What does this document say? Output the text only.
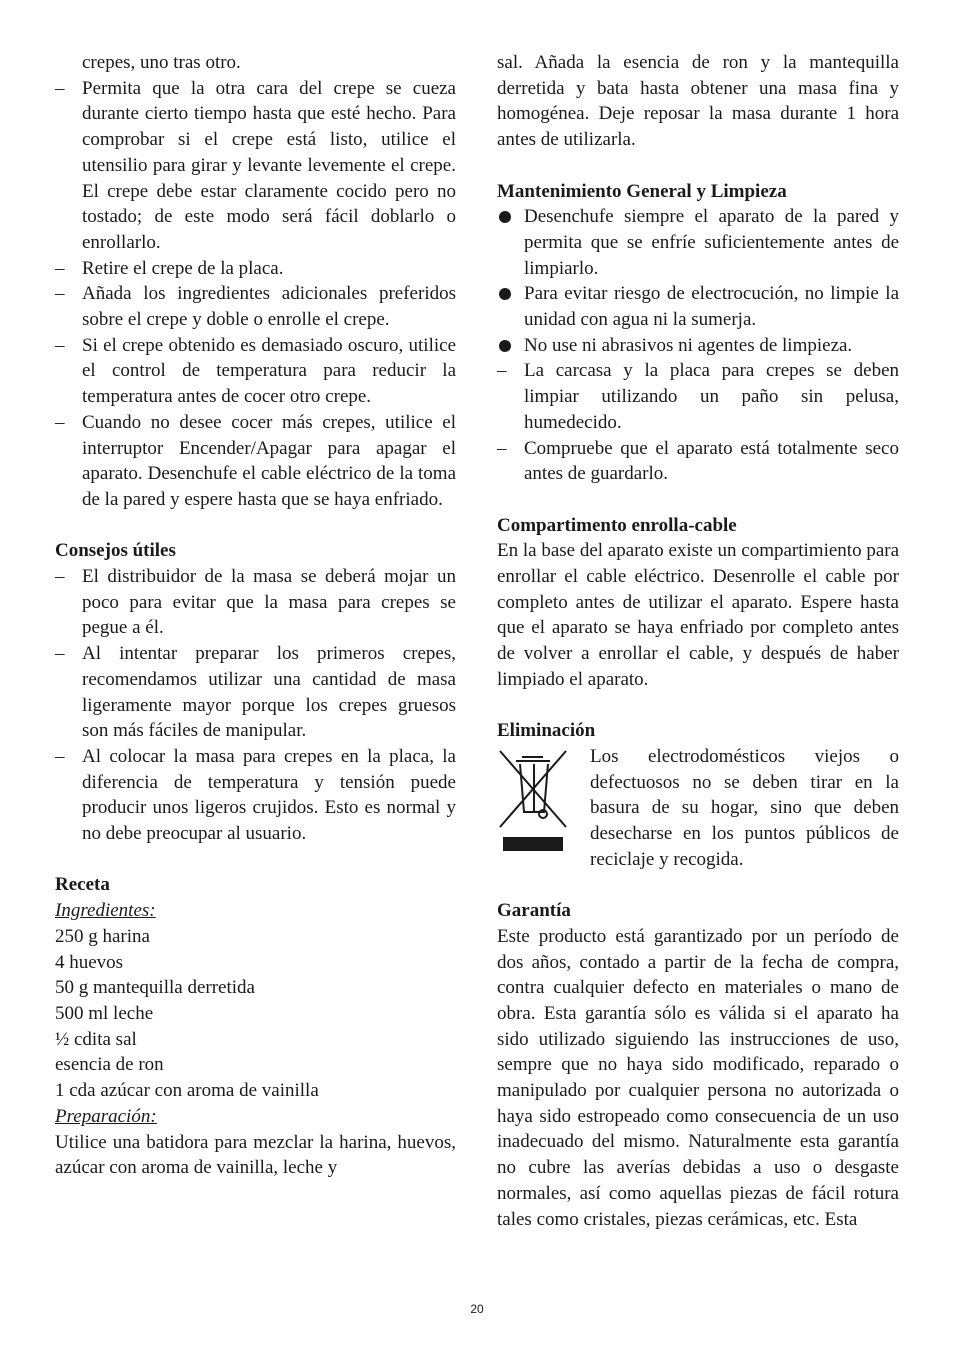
crepes, uno tras otro.

– Permita que la otra cara del crepe se cueza durante cierto tiempo hasta que esté hecho. Para comprobar si el crepe está listo, utilice el utensilio para girar y levante levemente el crepe. El crepe debe estar claramente cocido pero no tostado; de este modo será fácil doblarlo o enrollarlo.
– Retire el crepe de la placa.
– Añada los ingredientes adicionales preferidos sobre el crepe y doble o enrolle el crepe.
– Si el crepe obtenido es demasiado oscuro, utilice el control de temperatura para reducir la temperatura antes de cocer otro crepe.
– Cuando no desee cocer más crepes, utilice el interruptor Encender/Apagar para apagar el aparato. Desenchufe el cable eléctrico de la toma de la pared y espere hasta que se haya enfriado.

Consejos útiles

– El distribuidor de la masa se deberá mojar un poco para evitar que la masa para crepes se pegue a él.
– Al intentar preparar los primeros crepes, recomendamos utilizar una cantidad de masa ligeramente mayor porque los crepes gruesos son más fáciles de manipular.
– Al colocar la masa para crepes en la placa, la diferencia de temperatura y tensión puede producir unos ligeros crujidos. Esto es normal y no debe preocupar al usuario.

Receta

Ingredientes:
250 g harina
4 huevos
50 g mantequilla derretida
500 ml leche
½ cdita sal
esencia de ron
1 cda azúcar con aroma de vainilla
Preparación:

Utilice una batidora para mezclar la harina, huevos, azúcar con aroma de vainilla, leche y

sal. Añada la esencia de ron y la mantequilla derretida y bata hasta obtener una masa fina y homogénea. Deje reposar la masa durante 1 hora antes de utilizarla.

Mantenimiento General y Limpieza

Desenchufe siempre el aparato de la pared y permita que se enfríe suficientemente antes de limpiarlo.
Para evitar riesgo de electrocución, no limpie la unidad con agua ni la sumerja.
No use ni abrasivos ni agentes de limpieza.
– La carcasa y la placa para crepes se deben limpiar utilizando un paño sin pelusa, humedecido.
– Compruebe que el aparato está totalmente seco antes de guardarlo.

Compartimento enrolla-cable

En la base del aparato existe un compartimiento para enrollar el cable eléctrico. Desenrolle el cable por completo antes de utilizar el aparato. Espere hasta que el aparato se haya enfriado por completo antes de volver a enrollar el cable, y después de haber limpiado el aparato.

Eliminación

Los electrodomésticos viejos o defectuosos no se deben tirar en la basura de su hogar, sino que deben desecharse en los puntos públicos de reciclaje y recogida.

Garantía

Este producto está garantizado por un período de dos años, contado a partir de la fecha de compra, contra cualquier defecto en materiales o mano de obra. Esta garantía sólo es válida si el aparato ha sido utilizado siguiendo las instrucciones de uso, sempre que no haya sido modificado, reparado o manipulado por cualquier persona no autorizada o haya sido estropeado como consecuencia de un uso inadecuado del mismo. Naturalmente esta garantía no cubre las averías debidas a uso o desgaste normales, así como aquellas piezas de fácil rotura tales como cristales, piezas cerámicas, etc. Esta

20
